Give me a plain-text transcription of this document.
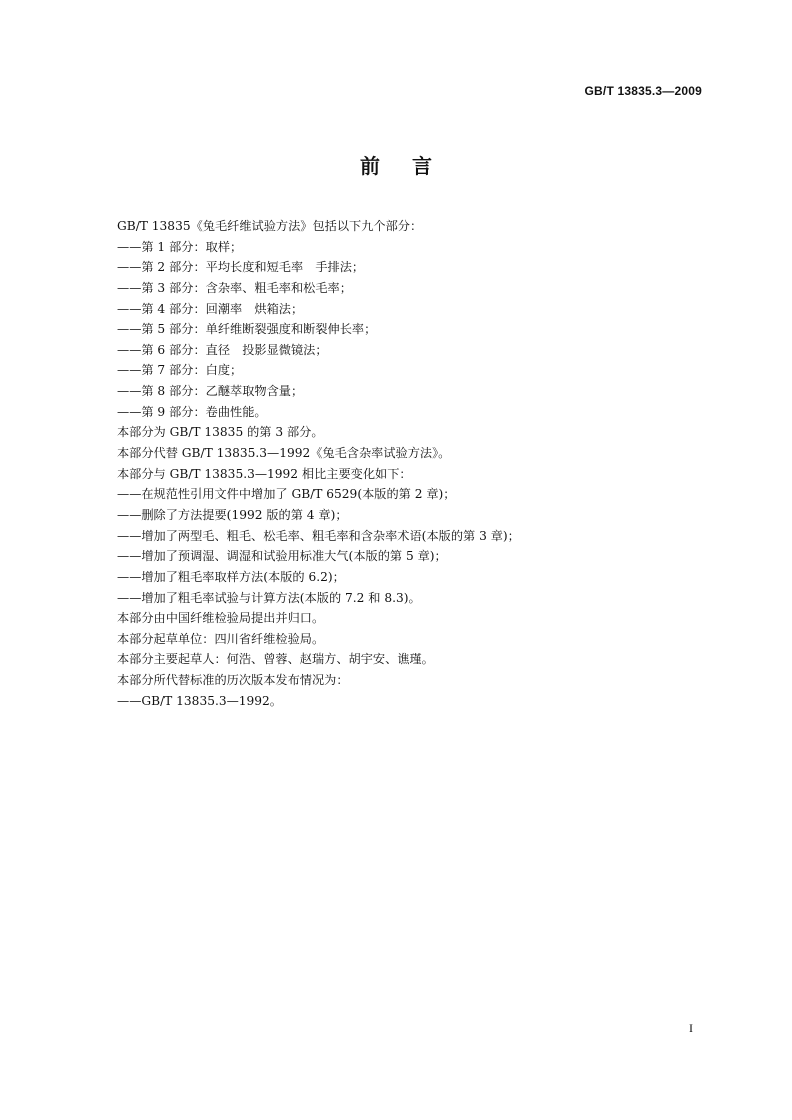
GB/T 13835.3—2009
前言
GB/T 13835《兔毛纤维试验方法》包括以下九个部分：
——第 1 部分：取样；
——第 2 部分：平均长度和短毛率　手排法；
——第 3 部分：含杂率、粗毛率和松毛率；
——第 4 部分：回潮率　烘箱法；
——第 5 部分：单纤维断裂强度和断裂伸长率；
——第 6 部分：直径　投影显微镜法；
——第 7 部分：白度；
——第 8 部分：乙醚萃取物含量；
——第 9 部分：卷曲性能。
本部分为 GB/T 13835 的第 3 部分。
本部分代替 GB/T 13835.3—1992《兔毛含杂率试验方法》。
本部分与 GB/T 13835.3—1992 相比主要变化如下：
——在规范性引用文件中增加了 GB/T 6529(本版的第 2 章)；
——删除了方法提要(1992 版的第 4 章)；
——增加了两型毛、粗毛、松毛率、粗毛率和含杂率术语(本版的第 3 章)；
——增加了预调湿、调湿和试验用标准大气(本版的第 5 章)；
——增加了粗毛率取样方法(本版的 6.2)；
——增加了粗毛率试验与计算方法(本版的 7.2 和 8.3)。
本部分由中国纤维检验局提出并归口。
本部分起草单位：四川省纤维检验局。
本部分主要起草人：何浩、曾蓉、赵瑞方、胡宇安、谯瑾。
本部分所代替标准的历次版本发布情况为：
——GB/T 13835.3—1992。
I
